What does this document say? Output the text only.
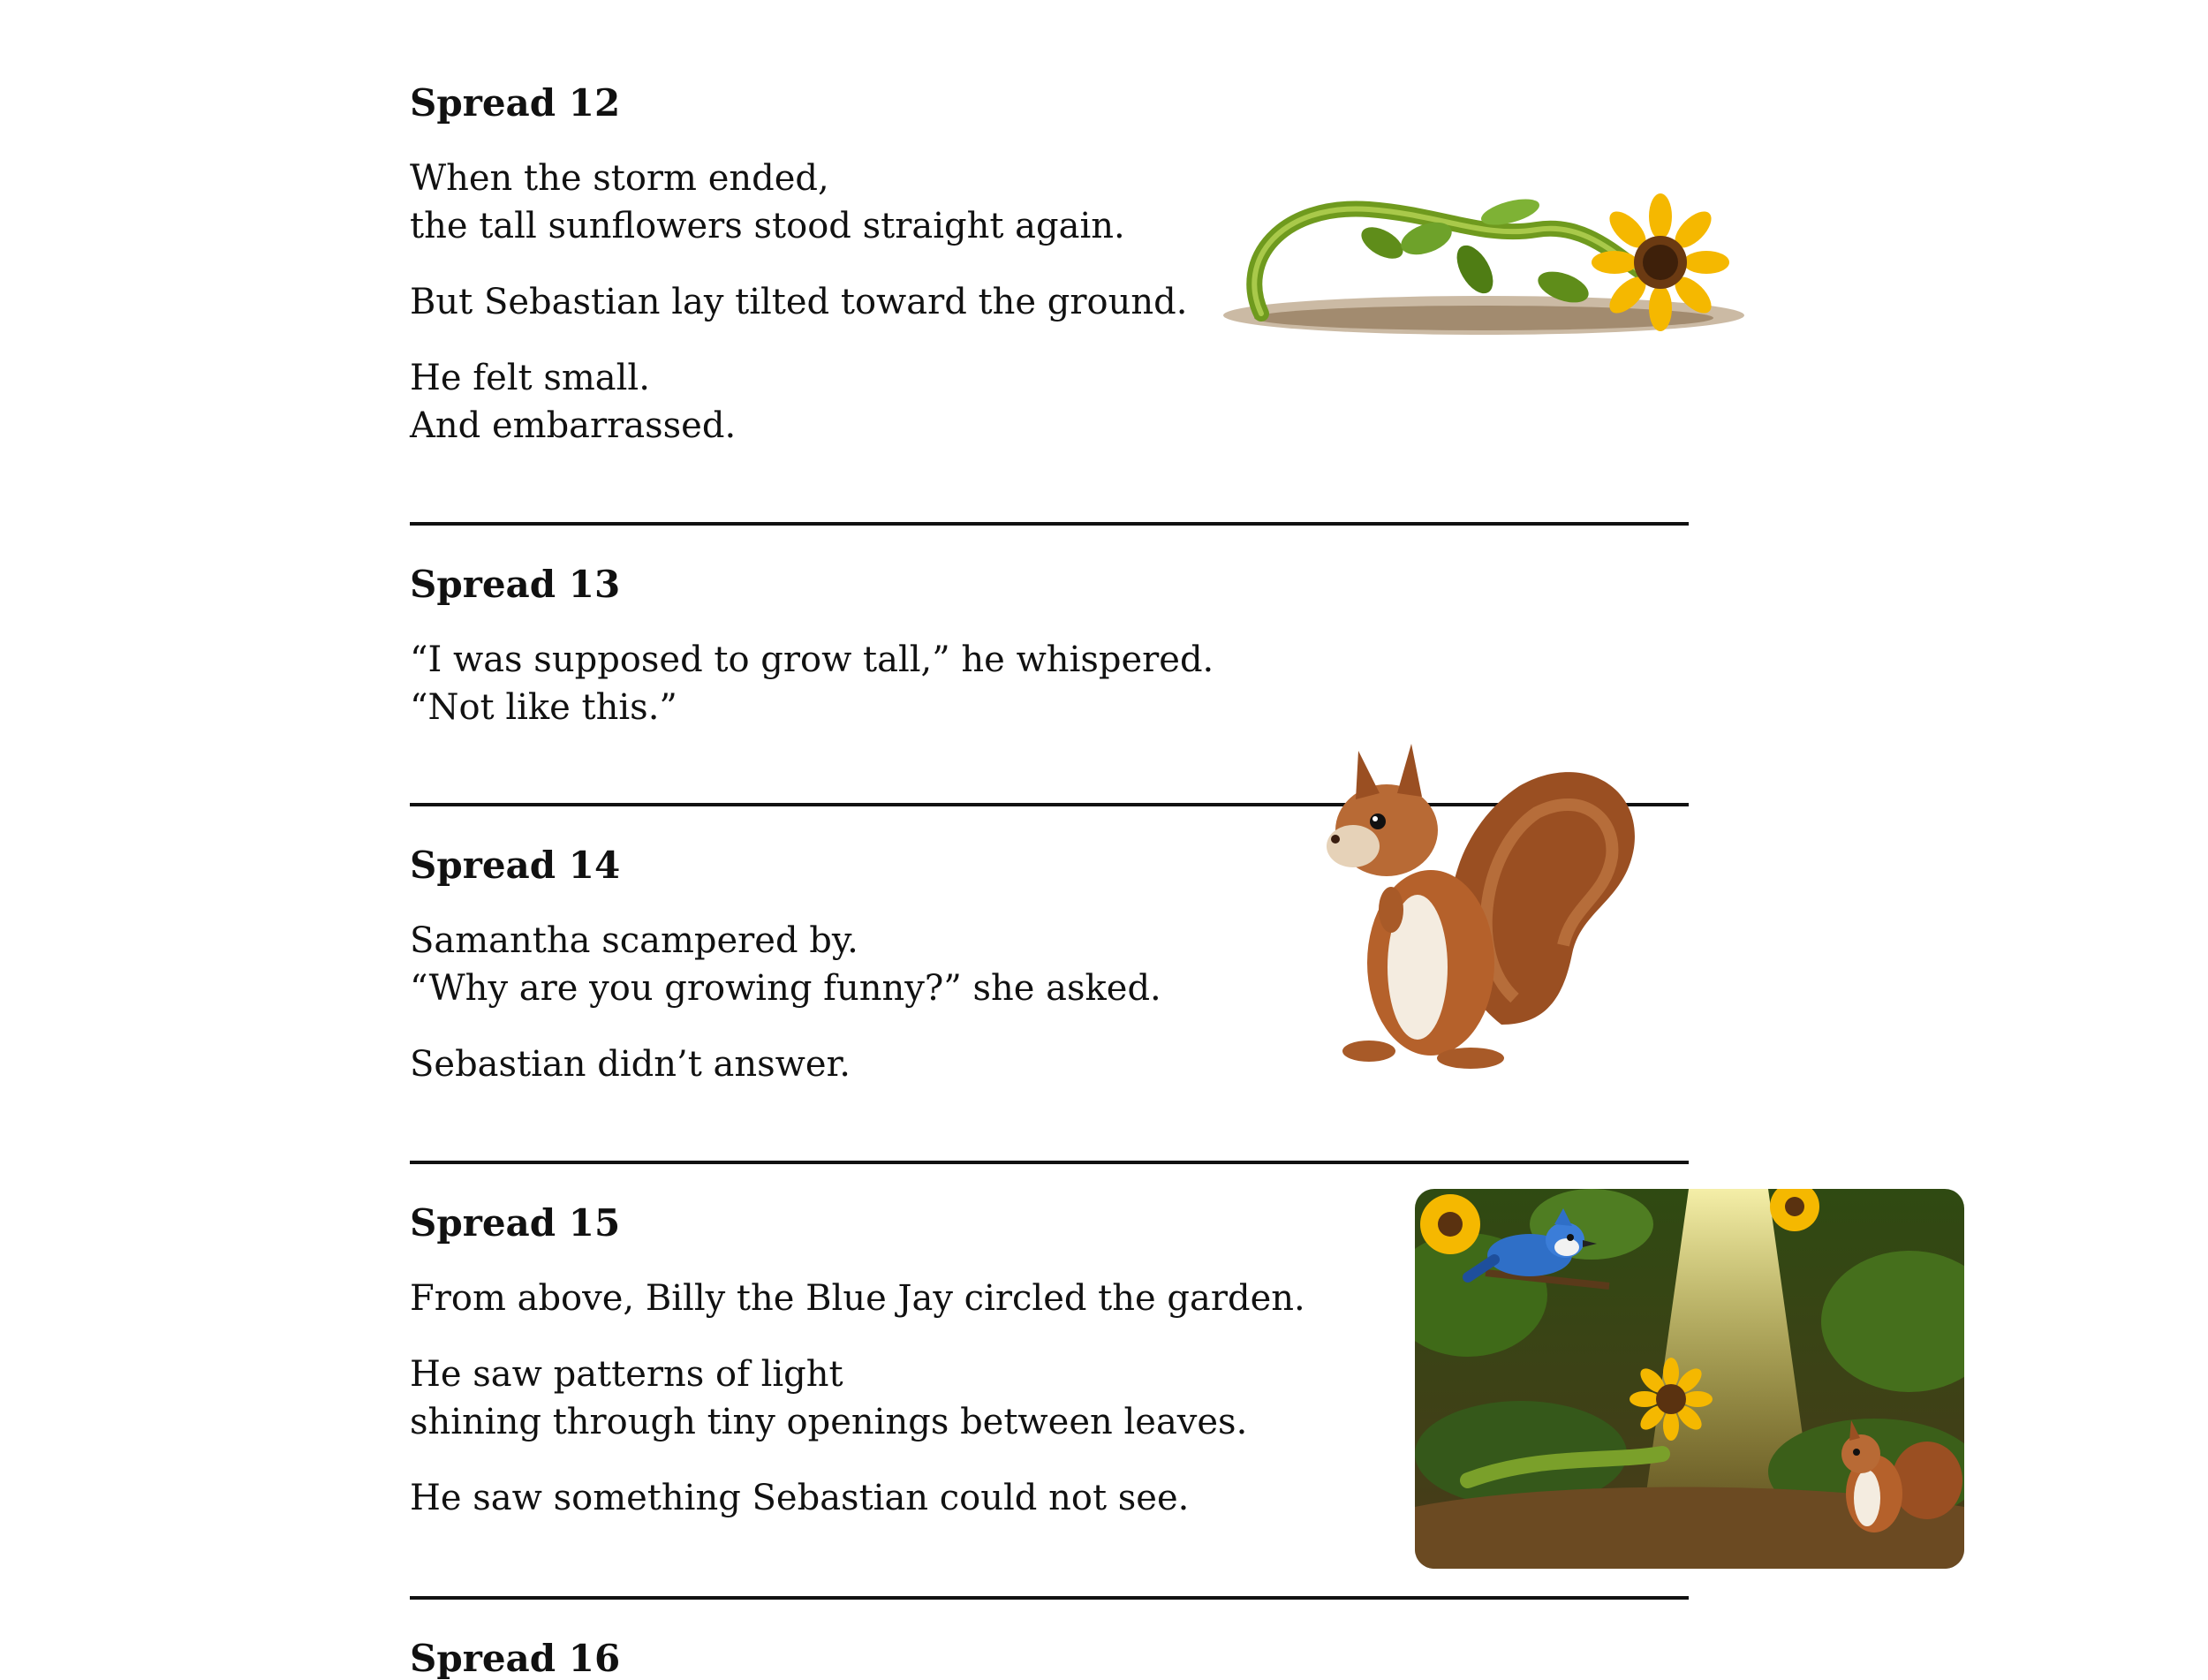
Spread 12

When the storm ended,

the tall sunflowers stood straight again.

But Sebastian lay tilted toward the ground.

He felt small.

And embarrassed.

Spread 13

“I was supposed to grow tall,” he whispered.

“Not like this.”

Spread 14

Samantha scampered by.

“Why are you growing funny?” she asked.

Sebastian didn’t answer.

Spread 15

From above, Billy the Blue Jay circled the garden.

He saw patterns of light

shining through tiny openings between leaves.

He saw something Sebastian could not see.

Spread 16
